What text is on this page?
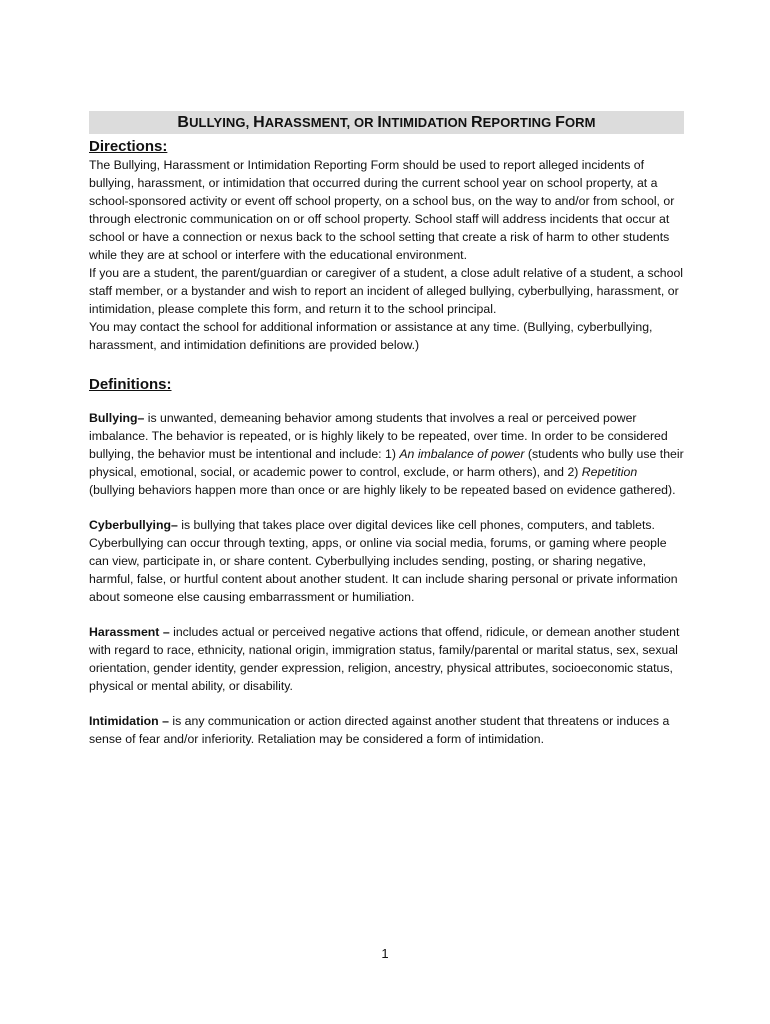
B ULLYING,
H ARASSMENT,
OR
I NTIMIDATION
R EPORTING
F ORM
Directions:

The Bullying, Harassment or Intimidation Reporting Form should be used to report alleged incidents of bullying, harassment, or intimidation that occurred during the current school year on school property, at a school-sponsored activity or event off school property, on a school bus, on the way to and/or from school, or through electronic communication on or off school property. School staff will address incidents that occur at school or have a connection or nexus back to the school setting that create a risk of harm to other students while they are at school or interfere with the educational environment.

If you are a student, the parent/guardian or caregiver of a student, a close adult relative of a student, a school staff member, or a bystander and wish to report an incident of alleged bullying, cyberbullying, harassment, or intimidation, please complete this form, and return it to the school principal.

You may contact the school for additional information or assistance at any time. (Bullying, cyberbullying, harassment, and intimidation definitions are provided below.)

Definitions:

Bullying– is unwanted, demeaning behavior among students that involves a real or perceived power imbalance. The behavior is repeated, or is highly likely to be repeated, over time. In order to be considered bullying, the behavior must be intentional and include: 1) An imbalance of power (students who bully use their physical, emotional, social, or academic power to control, exclude, or harm others), and 2) Repetition (bullying behaviors happen more than once or are highly likely to be repeated based on evidence gathered).

Cyberbullying– is bullying that takes place over digital devices like cell phones, computers, and tablets. Cyberbullying can occur through texting, apps, or online via social media, forums, or gaming where people can view, participate in, or share content. Cyberbullying includes sending, posting, or sharing negative, harmful, false, or hurtful content about another student. It can include sharing personal or private information about someone else causing embarrassment or humiliation.

Harassment – includes actual or perceived negative actions that offend, ridicule, or demean another student with regard to race, ethnicity, national origin, immigration status, family/parental or marital status, sex, sexual orientation, gender identity, gender expression, religion, ancestry, physical attributes, socioeconomic status, physical or mental ability, or disability.

Intimidation – is any communication or action directed against another student that threatens or induces a sense of fear and/or inferiority. Retaliation may be considered a form of intimidation.

1
